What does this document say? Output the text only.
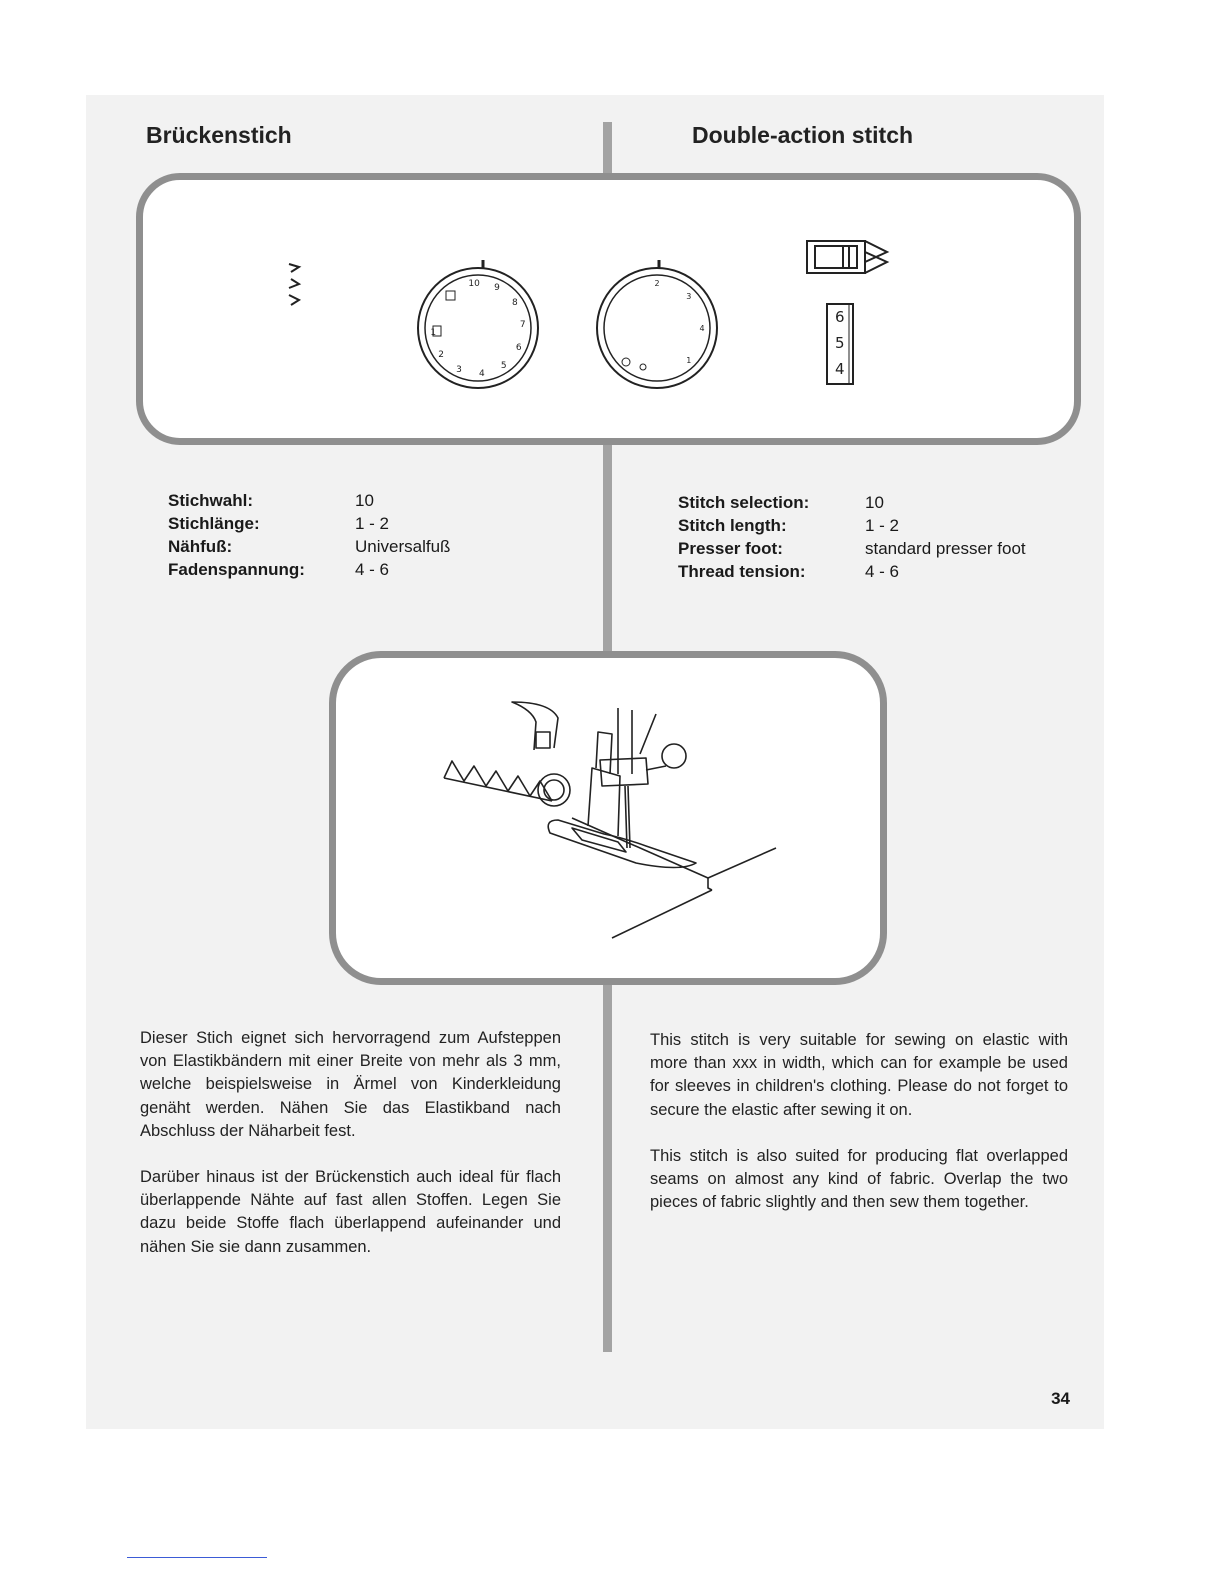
Brückenstich	Double-action stitch
10 9
8
7
6
5
4
3
2
1
2
3
4
1
6
5
4
Stichwahl:	10
Stichlänge:	1 - 2
Nähfuß:	Universalfuß
Fadenspannung:	4 - 6
Stitch selection:	10
Stitch length:	1 - 2
Presser foot:	standard presser foot
Thread tension:	4 - 6

Dieser Stich eignet sich hervorragend zum Aufsteppen von Elastikbändern mit einer Breite von mehr als 3 mm, welche beispielsweise in Ärmel von Kinderkleidung genäht werden. Nähen Sie das Elastikband nach Abschluss der Näharbeit fest.

Darüber hinaus ist der Brückenstich auch ideal für flach überlappende Nähte auf fast allen Stoffen. Legen Sie dazu beide Stoffe flach überlappend aufeinander und nähen Sie sie dann zusammen.

This stitch is very suitable for sewing on elastic with more than xxx in width, which can for example be used for sleeves in children's clothing. Please do not forget to secure the elastic after sewing it on.

This stitch is also suited for producing flat overlapped seams on almost any kind of fabric. Overlap the two pieces of fabric slightly and then sew them together.

34
